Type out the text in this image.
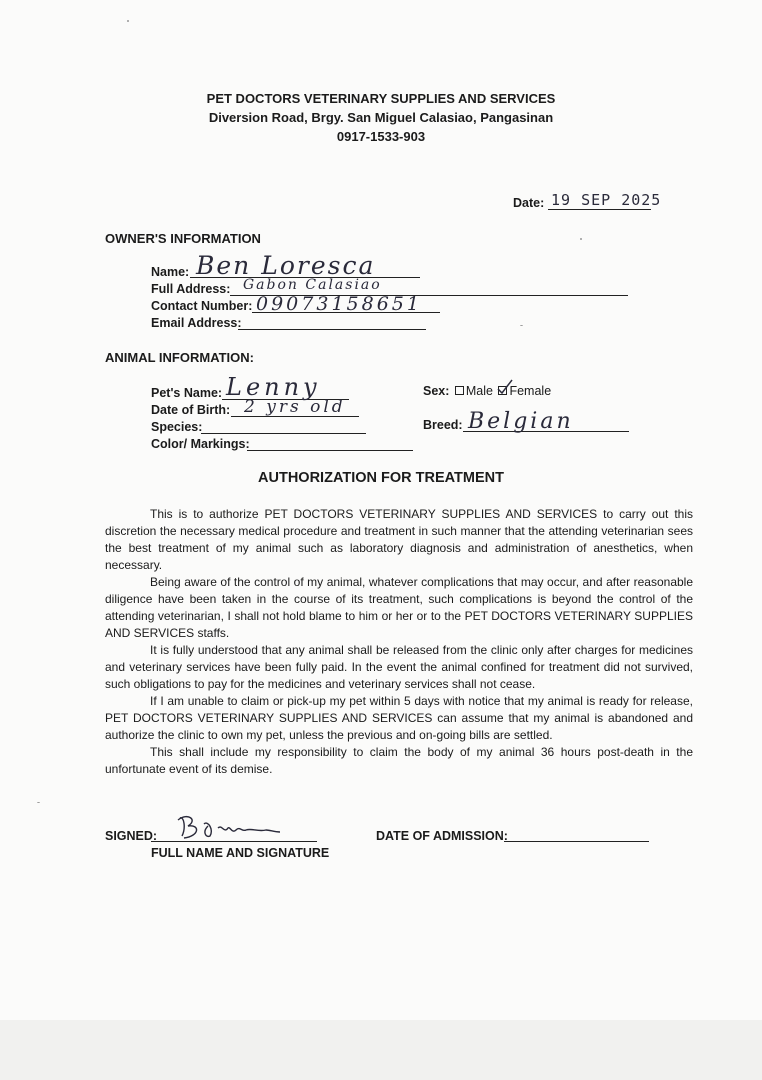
PET DOCTORS VETERINARY SUPPLIES AND SERVICES
Diversion Road, Brgy. San Miguel Calasiao, Pangasinan
0917-1533-903
Date: 19 SEP 2025
OWNER'S INFORMATION
Name: Ben Loresca
Full Address: Gabon Calasiao
Contact Number: 09073158651
Email Address:
ANIMAL INFORMATION:
Pet's Name: Lenny
Date of Birth: 2 yrs old
Species:
Color/ Markings:
Sex: Male Female
Breed: Belgian
AUTHORIZATION FOR TREATMENT

This is to authorize PET DOCTORS VETERINARY SUPPLIES AND SERVICES to carry out this discretion the necessary medical procedure and treatment in such manner that the attending veterinarian sees the best treatment of my animal such as laboratory diagnosis and administration of anesthetics, when necessary.

Being aware of the control of my animal, whatever complications that may occur, and after reasonable diligence have been taken in the course of its treatment, such complications is beyond the control of the attending veterinarian, I shall not hold blame to him or her or to the PET DOCTORS VETERINARY SUPPLIES AND SERVICES staffs.

It is fully understood that any animal shall be released from the clinic only after charges for medicines and veterinary services have been fully paid. In the event the animal confined for treatment did not survived, such obligations to pay for the medicines and veterinary services shall not cease.

If I am unable to claim or pick-up my pet within 5 days with notice that my animal is ready for release, PET DOCTORS VETERINARY SUPPLIES AND SERVICES can assume that my animal is abandoned and authorize the clinic to own my pet, unless the previous and on-going bills are settled.

This shall include my responsibility to claim the body of my animal 36 hours post-death in the unfortunate event of its demise.

SIGNED:
FULL NAME AND SIGNATURE
DATE OF ADMISSION:
